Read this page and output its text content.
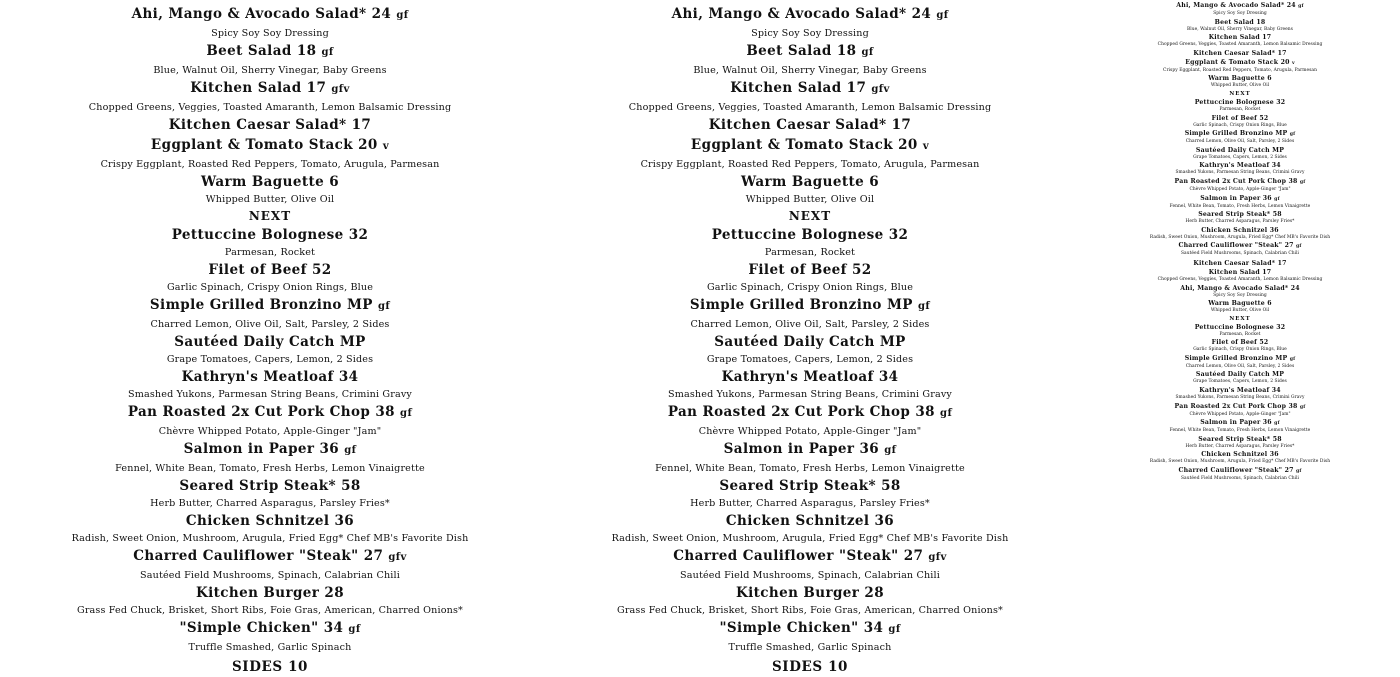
Ahi, Mango & Avocado Salad* 24 gf
Spicy Soy Soy Dressing
Beet Salad 18 gf
Blue, Walnut Oil, Sherry Vinegar, Baby Greens
Kitchen Salad 17 gfv
Chopped Greens, Veggies, Toasted Amaranth, Lemon Balsamic Dressing
Kitchen Caesar Salad* 17
Eggplant & Tomato Stack 20 v
Crispy Eggplant, Roasted Red Peppers, Tomato, Arugula, Parmesan
Warm Baguette 6
Whipped Butter, Olive Oil
NEXT
Pettuccine Bolognese 32
Parmesan, Rocket
Filet of Beef 52
Garlic Spinach, Crispy Onion Rings, Blue
Simple Grilled Bronzino MP gf
Charred Lemon, Olive Oil, Salt, Parsley, 2 Sides
Sautéed Daily Catch MP
Grape Tomatoes, Capers, Lemon, 2 Sides
Kathryn's Meatloaf 34
Smashed Yukons, Parmesan String Beans, Crimini Gravy
Pan Roasted 2x Cut Pork Chop 38 gf
Chèvre Whipped Potato, Apple-Ginger "Jam"
Salmon in Paper 36 gf
Fennel, White Bean, Tomato, Fresh Herbs, Lemon Vinaigrette
Seared Strip Steak* 58
Herb Butter, Charred Asparagus, Parsley Fries*
Chicken Schnitzel 36
Radish, Sweet Onion, Mushroom, Arugula, Fried Egg* Chef MB's Favorite Dish
Charred Cauliflower "Steak" 27 gfv
Sautéed Field Mushrooms, Spinach, Calabrian Chili
Kitchen Burger 28
Grass Fed Chuck, Brisket, Short Ribs, Foie Gras, American, Charred Onions*
"Simple Chicken" 34 gf
Truffle Smashed, Garlic Spinach
SIDES 10
Ahi, Mango & Avocado Salad* 24 gf
Spicy Soy Soy Dressing
Beet Salad 18 gf
Blue, Walnut Oil, Sherry Vinegar, Baby Greens
Kitchen Salad 17 gfv
Chopped Greens, Veggies, Toasted Amaranth, Lemon Balsamic Dressing
Kitchen Caesar Salad* 17
Eggplant & Tomato Stack 20 v
Crispy Eggplant, Roasted Red Peppers, Tomato, Arugula, Parmesan
Warm Baguette 6
Whipped Butter, Olive Oil
NEXT
Pettuccine Bolognese 32
Parmesan, Rocket
Filet of Beef 52
Garlic Spinach, Crispy Onion Rings, Blue
Simple Grilled Bronzino MP gf
Charred Lemon, Olive Oil, Salt, Parsley, 2 Sides
Sautéed Daily Catch MP
Grape Tomatoes, Capers, Lemon, 2 Sides
Kathryn's Meatloaf 34
Smashed Yukons, Parmesan String Beans, Crimini Gravy
Pan Roasted 2x Cut Pork Chop 38 gf
Chèvre Whipped Potato, Apple-Ginger "Jam"
Salmon in Paper 36 gf
Fennel, White Bean, Tomato, Fresh Herbs, Lemon Vinaigrette
Seared Strip Steak* 58
Herb Butter, Charred Asparagus, Parsley Fries*
Chicken Schnitzel 36
Radish, Sweet Onion, Mushroom, Arugula, Fried Egg* Chef MB's Favorite Dish
Charred Cauliflower "Steak" 27 gfv
Sautéed Field Mushrooms, Spinach, Calabrian Chili
Kitchen Burger 28
Grass Fed Chuck, Brisket, Short Ribs, Foie Gras, American, Charred Onions*
"Simple Chicken" 34 gf
Truffle Smashed, Garlic Spinach
SIDES 10
Ahi, Mango & Avocado Salad* 24 gf
Spicy Soy Soy Dressing
Beet Salad 18
Blue, Walnut Oil, Sherry Vinegar, Baby Greens
Kitchen Salad 17
Chopped Greens, Veggies, Toasted Amaranth, Lemon Balsamic Dressing
Kitchen Caesar Salad* 17
Eggplant & Tomato Stack 20 v
Crispy Eggplant, Roasted Red Peppers, Tomato, Arugula, Parmesan
Warm Baguette 6
Whipped Butter, Olive Oil
NEXT
Pettuccine Bolognese 32
Parmesan, Rocket
Filet of Beef 52
Garlic Spinach, Crispy Onion Rings, Blue
Simple Grilled Bronzino MP gf
Charred Lemon, Olive Oil, Salt, Parsley, 2 Sides
Sautéed Daily Catch MP
Grape Tomatoes, Capers, Lemon, 2 Sides
Kathryn's Meatloaf 34
Smashed Yukons, Parmesan String Beans, Crimini Gravy
Pan Roasted 2x Cut Pork Chop 38 gf
Chèvre Whipped Potato, Apple-Ginger "Jam"
Salmon in Paper 36 gf
Fennel, White Bean, Tomato, Fresh Herbs, Lemon Vinaigrette
Seared Strip Steak* 58
Herb Butter, Charred Asparagus, Parsley Fries*
Chicken Schnitzel 36
Radish, Sweet Onion, Mushroom, Arugula, Fried Egg* Chef MB's Favorite Dish
Charred Cauliflower "Steak" 27 gf
Sautéed Field Mushrooms, Spinach, Calabrian Chili
Kitchen Caesar Salad* 17
Kitchen Salad 17
Chopped Greens, Veggies, Toasted Amaranth, Lemon Balsamic Dressing
Ahi, Mango & Avocado Salad* 24
Spicy Soy Soy Dressing
Warm Baguette 6
Whipped Butter, Olive Oil
NEXT
Pettuccine Bolognese 32
Parmesan, Rocket
Filet of Beef 52
Garlic Spinach, Crispy Onion Rings, Blue
Simple Grilled Bronzino MP gf
Charred Lemon, Olive Oil, Salt, Parsley, 2 Sides
Sautéed Daily Catch MP
Grape Tomatoes, Capers, Lemon, 2 Sides
Kathryn's Meatloaf 34
Smashed Yukons, Parmesan String Beans, Crimini Gravy
Pan Roasted 2x Cut Pork Chop 38 gf
Chèvre Whipped Potato, Apple-Ginger "Jam"
Salmon in Paper 36 gf
Fennel, White Bean, Tomato, Fresh Herbs, Lemon Vinaigrette
Seared Strip Steak* 58
Herb Butter, Charred Asparagus, Parsley Fries*
Chicken Schnitzel 36
Radish, Sweet Onion, Mushroom, Arugula, Fried Egg* Chef MB's Favorite Dish
Charred Cauliflower "Steak" 27 gf
Sautéed Field Mushrooms, Spinach, Calabrian Chili
